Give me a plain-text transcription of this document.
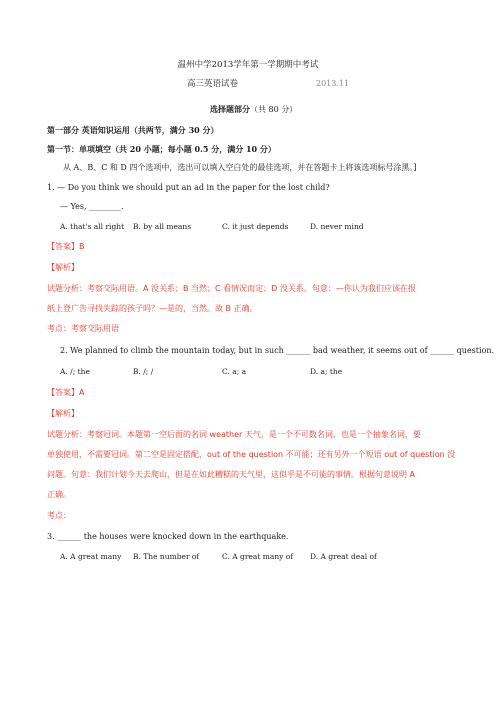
温州中学2013学年第一学期期中考试
高三英语试卷	2013.11
选择题部分（共 80 分）
第一部分 英语知识运用（共两节，满分 30 分）
第一节：单项填空（共 20 小题；每小题 0.5 分，满分 10 分）
从 A、B、C 和 D 四个选项中，选出可以填入空白处的最佳选项，并在答题卡上将该选项标号涂黑。]
1. — Do you think we should put an ad in the paper for the lost child?
— Yes, ________.
A. that's all right B. by all means	C. it just depends	D. never mind
【答案】B
【解析】
试题分析：考察交际用语。A 没关系；B 当然；C 看情况而定；D 没关系。句意：—你认为我们应该在报
纸上登广告寻找失踪的孩子吗？—是的，当然。故 B 正确。
考点：考察交际用语
2. We planned to climb the mountain today, but in such ______ bad weather, it seems out of ______ question.
A. /; the	B. /; /	C. a; a	D. a; the
【答案】A
【解析】
试题分析：考察冠词。本题第一空后面的名词 weather 天气，是一个不可数名词，也是一个抽象名词，要
单独使用，不需要冠词。第二空是固定搭配，out of the question 不可能；还有另外一个短语 out of question 没
问题。句意：我们计划今天去爬山，但是在如此糟糕的天气里，这似乎是不可能的事情。根据句意说明 A
正确。
考点：
3. ______ the houses were knocked down in the earthquake.
A. A great many B. The number of	C. A great many of D. A great deal of
